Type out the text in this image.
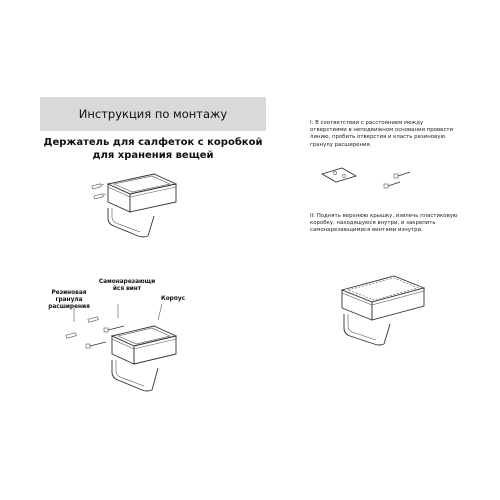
Инструкция по монтажу
Держатель для салфеток с коробкой для хранения вещей
Резиновая гранула расширения
Самонарезающи йся винт
Корпус
I: В соответствии с расстоянием между отверстиями в неподвижном основании провести линию, пробить отверстия и класть резиновую гранулу расширения.
II: Поднять верхнюю крышку, извлечь пластиковую коробку, находящуюся внутри, и закрепить самонарезающимися винтами изнутри.
